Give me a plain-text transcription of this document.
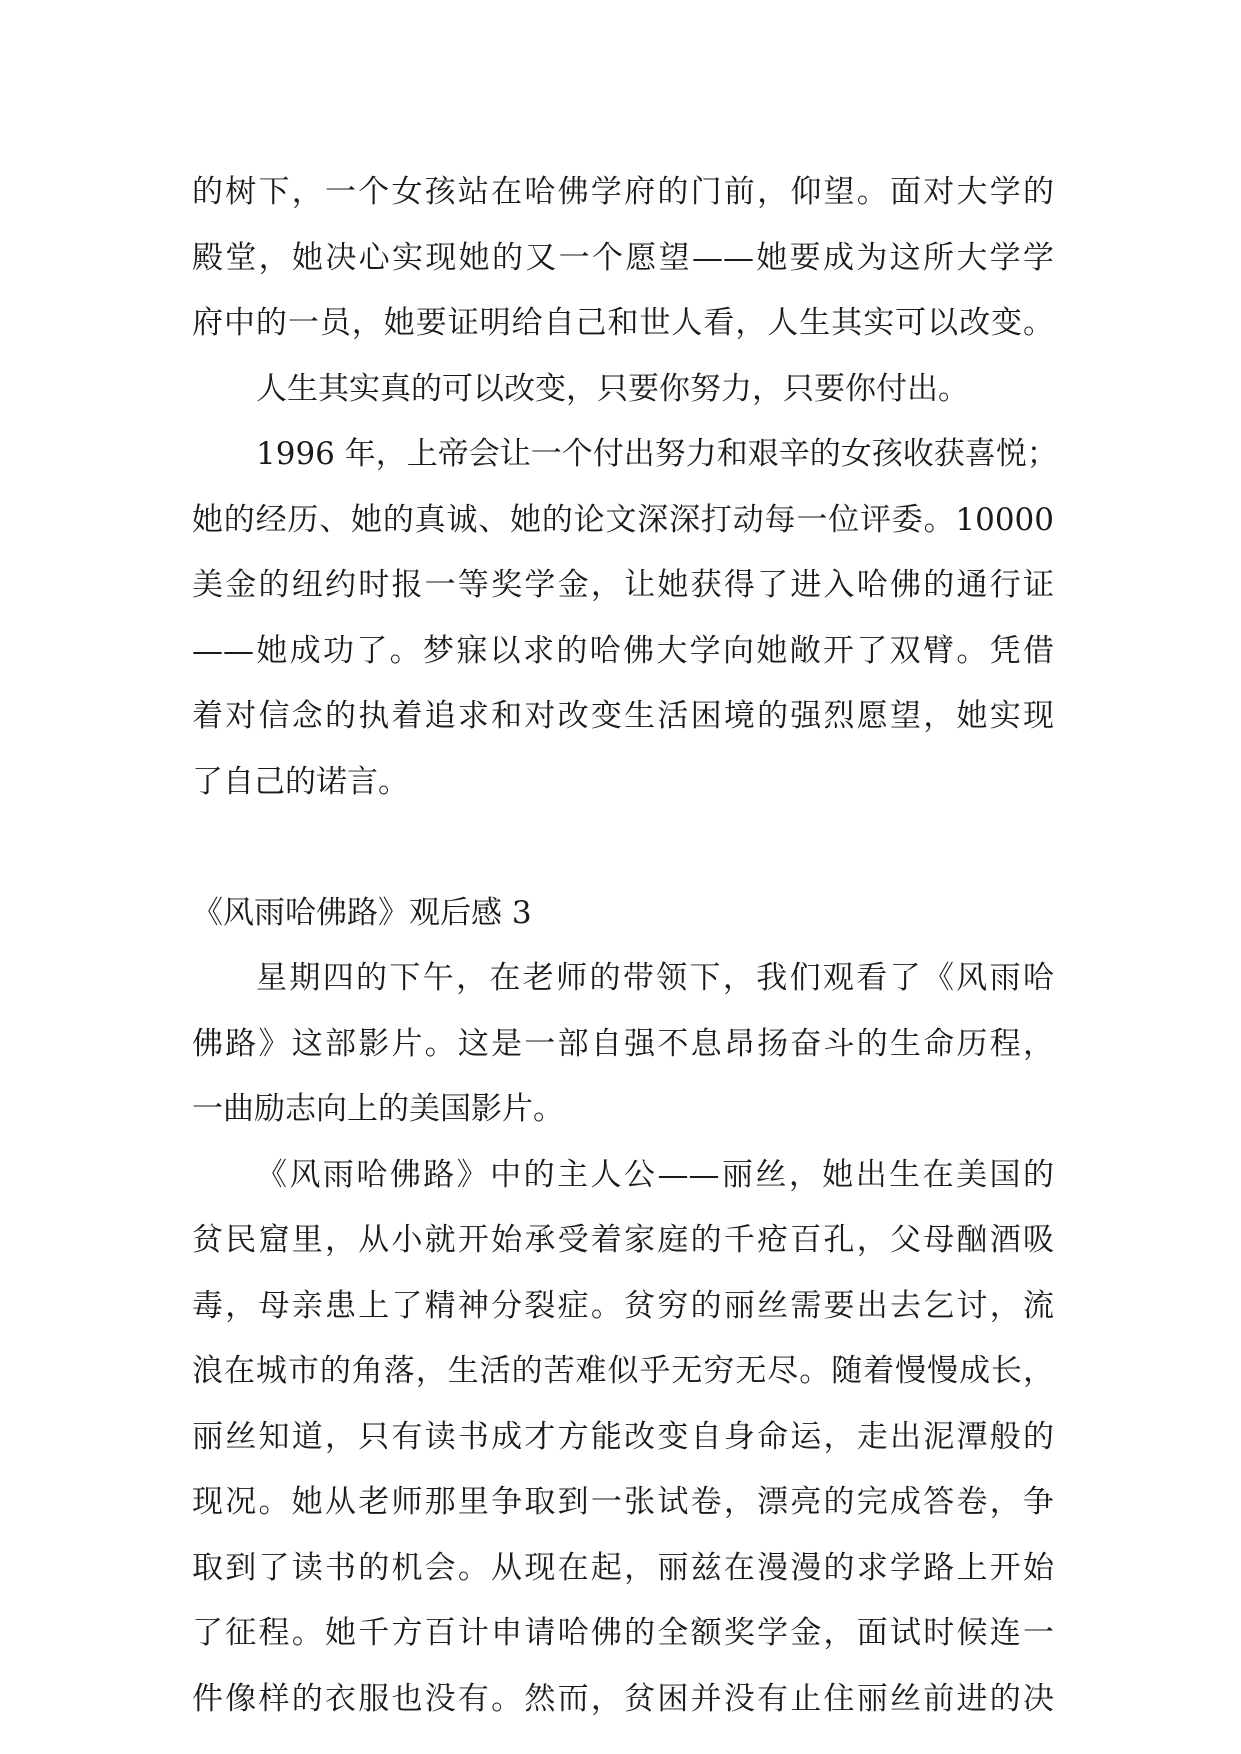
的树下，一个女孩站在哈佛学府的门前，仰望。面对大学的
殿堂，她决心实现她的又一个愿望——她要成为这所大学学
府中的一员，她要证明给自己和世人看，人生其实可以改变。
人生其实真的可以改变，只要你努力，只要你付出。
1996 年，上帝会让一个付出努力和艰辛的女孩收获喜悦；
她的经历、她的真诚、她的论文深深打动每一位评委。10000
美金的纽约时报一等奖学金，让她获得了进入哈佛的通行证
——她成功了。梦寐以求的哈佛大学向她敞开了双臂。凭借
着对信念的执着追求和对改变生活困境的强烈愿望，她实现
了自己的诺言。
《风雨哈佛路》观后感 3
星期四的下午，在老师的带领下，我们观看了《风雨哈
佛路》这部影片。这是一部自强不息昂扬奋斗的生命历程，
一曲励志向上的美国影片。
《风雨哈佛路》中的主人公——丽丝，她出生在美国的
贫民窟里，从小就开始承受着家庭的千疮百孔，父母酗酒吸
毒，母亲患上了精神分裂症。贫穷的丽丝需要出去乞讨，流
浪在城市的角落，生活的苦难似乎无穷无尽。随着慢慢成长，
丽丝知道，只有读书成才方能改变自身命运，走出泥潭般的
现况。她从老师那里争取到一张试卷，漂亮的完成答卷，争
取到了读书的机会。从现在起，丽兹在漫漫的求学路上开始
了征程。她千方百计申请哈佛的全额奖学金，面试时候连一
件像样的衣服也没有。然而，贫困并没有止住丽丝前进的决
